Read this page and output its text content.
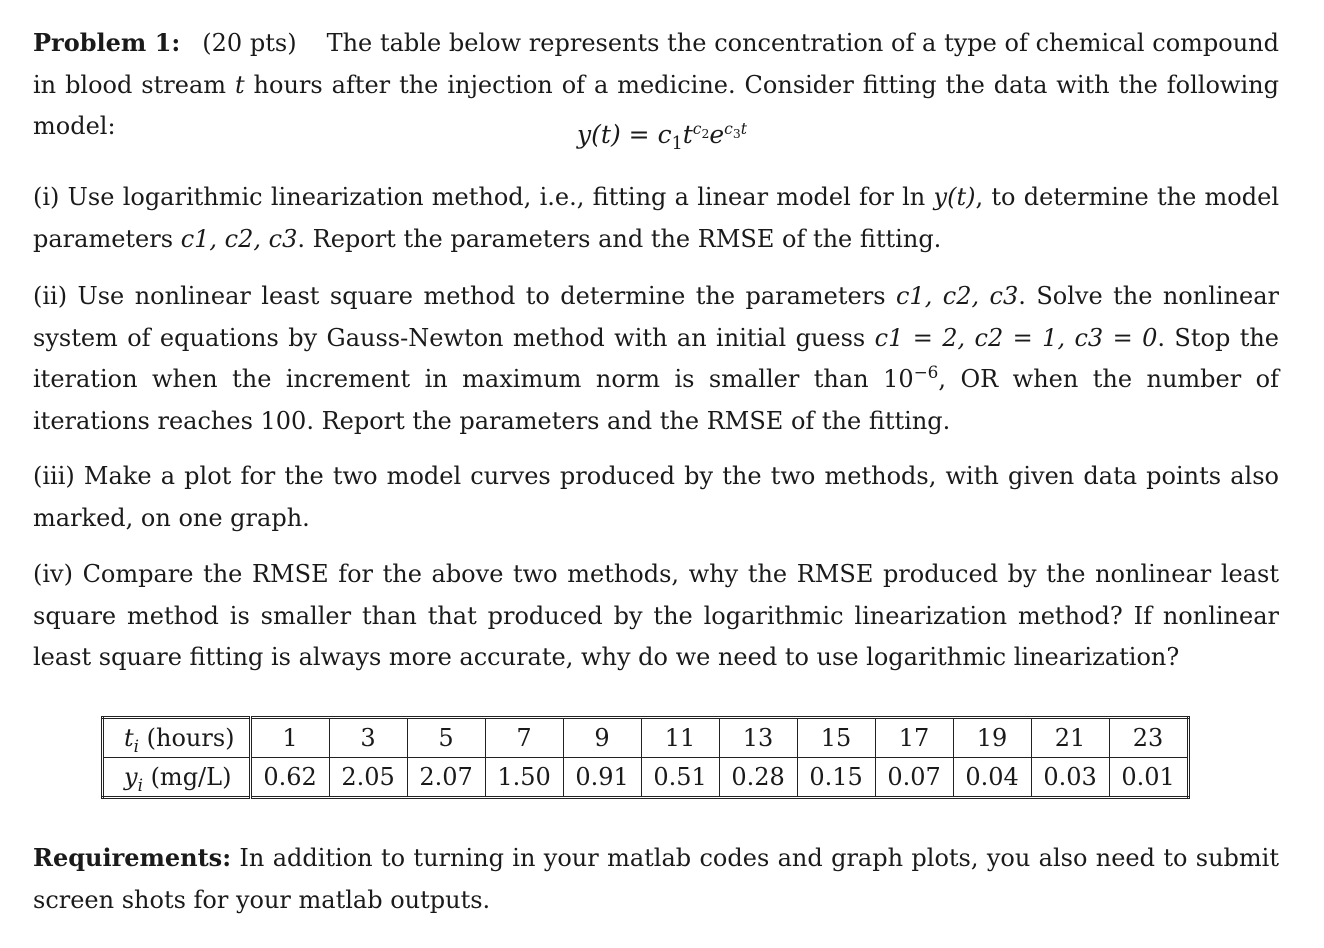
Problem 1: (20 pts) The table below represents the concentration of a type of chemical compound in blood stream t hours after the injection of a medicine. Consider fitting the data with the following model:	$y(t) = c_1t^{c_2}e^{c_3t}$

(i) Use logarithmic linearization method, i.e., fitting a linear model for ln y(t), to determine the model parameters c1, c2, c3. Report the parameters and the RMSE of the fitting.

(ii) Use nonlinear least square method to determine the parameters c1, c2, c3. Solve the nonlinear system of equations by Gauss-Newton method with an initial guess c1 = 2, c2 = 1, c3 = 0. Stop the iteration when the increment in maximum norm is smaller than $10^{-6}$, OR when the number of iterations reaches 100. Report the parameters and the RMSE of the fitting.

(iii) Make a plot for the two model curves produced by the two methods, with given data points also marked, on one graph.

(iv) Compare the RMSE for the above two methods, why the RMSE produced by the nonlinear least square method is smaller than that produced by the logarithmic linearization method? If nonlinear least square fitting is always more accurate, why do we need to use logarithmic linearization?

$t_i$ (hours)	1	3	5	7	9	11	13	15	17	19	21	23
$y_i$ (mg/L)	0.62	2.05	2.07	1.50	0.91	0.51	0.28	0.15	0.07	0.04	0.03	0.01

Requirements: In addition to turning in your matlab codes and graph plots, you also need to submit screen shots for your matlab outputs.
